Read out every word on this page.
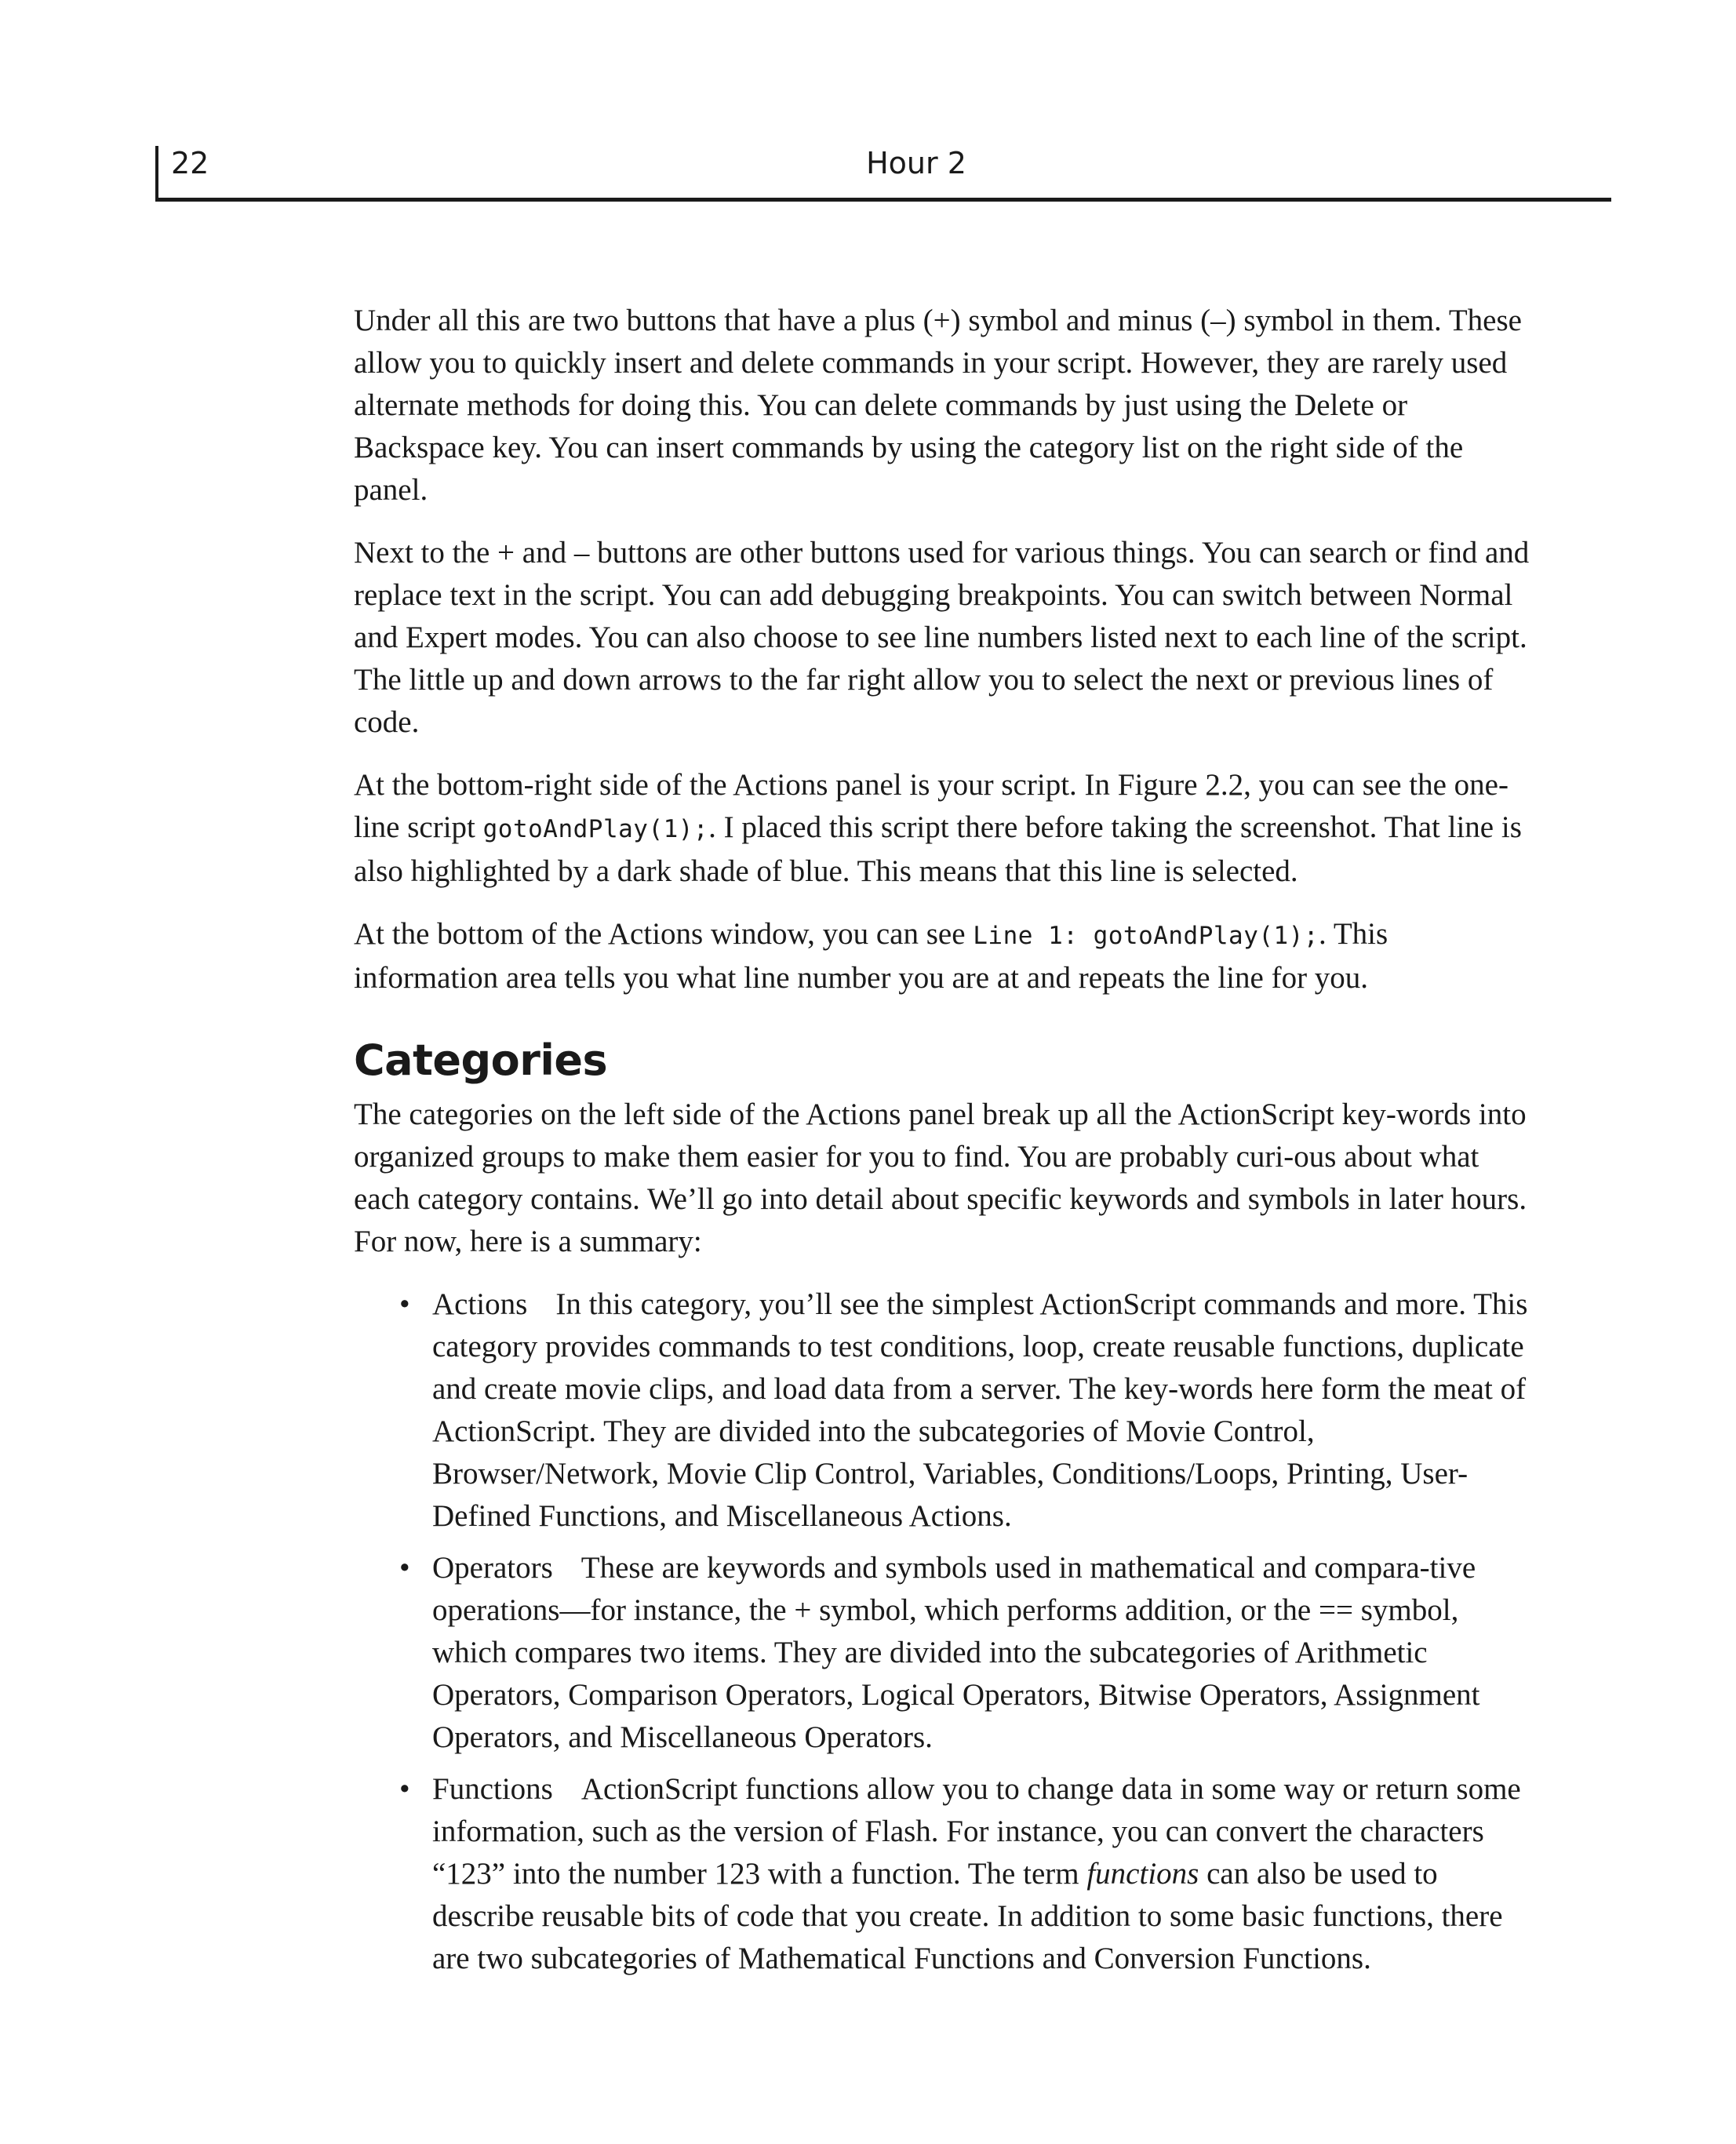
22	Hour 2

Under all this are two buttons that have a plus (+) symbol and minus (–) symbol in them. These allow you to quickly insert and delete commands in your script. However, they are rarely used alternate methods for doing this. You can delete commands by just using the Delete or Backspace key. You can insert commands by using the category list on the right side of the panel.

Next to the + and – buttons are other buttons used for various things. You can search or find and replace text in the script. You can add debugging breakpoints. You can switch between Normal and Expert modes. You can also choose to see line numbers listed next to each line of the script. The little up and down arrows to the far right allow you to select the next or previous lines of code.

At the bottom-right side of the Actions panel is your script. In Figure 2.2, you can see the one-line script gotoAndPlay(1);. I placed this script there before taking the screenshot. That line is also highlighted by a dark shade of blue. This means that this line is selected.

At the bottom of the Actions window, you can see Line 1: gotoAndPlay(1);. This information area tells you what line number you are at and repeats the line for you.

Categories

The categories on the left side of the Actions panel break up all the ActionScript key-words into organized groups to make them easier for you to find. You are probably curi-ous about what each category contains. We’ll go into detail about specific keywords and symbols in later hours. For now, here is a summary:

• Actions In this category, you’ll see the simplest ActionScript commands and more. This category provides commands to test conditions, loop, create reusable functions, duplicate and create movie clips, and load data from a server. The key-words here form the meat of ActionScript. They are divided into the subcategories of Movie Control, Browser/Network, Movie Clip Control, Variables, Conditions/Loops, Printing, User-Defined Functions, and Miscellaneous Actions.
• Operators These are keywords and symbols used in mathematical and compara-tive operations—for instance, the + symbol, which performs addition, or the == symbol, which compares two items. They are divided into the subcategories of Arithmetic Operators, Comparison Operators, Logical Operators, Bitwise Operators, Assignment Operators, and Miscellaneous Operators.
• Functions ActionScript functions allow you to change data in some way or return some information, such as the version of Flash. For instance, you can convert the characters “123” into the number 123 with a function. The term functions can also be used to describe reusable bits of code that you create. In addition to some basic functions, there are two subcategories of Mathematical Functions and Conversion Functions.
